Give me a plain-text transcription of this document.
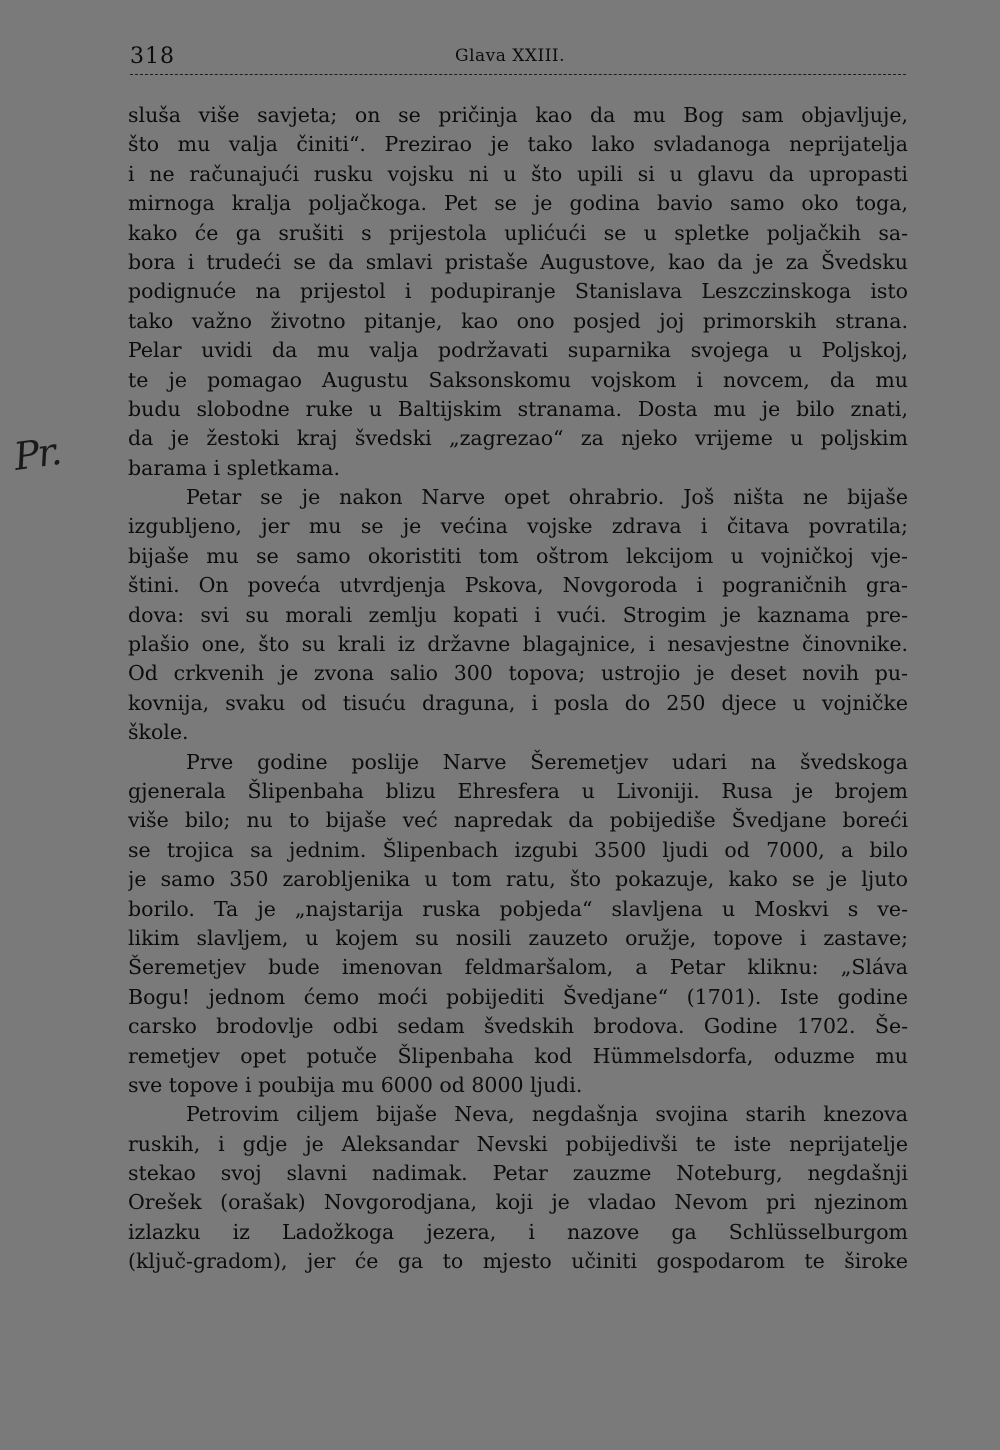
318	Glava XXIII.
Pr.
sluša više savjeta; on se pričinja kao da mu Bog sam objavljuje,
što mu valja činiti“. Prezirao je tako lako svladanoga neprijatelja
i ne računajući rusku vojsku ni u što upili si u glavu da upropasti
mirnoga kralja poljačkoga. Pet se je godina bavio samo oko toga,
kako će ga srušiti s prijestola uplićući se u spletke poljačkih sa-
bora i trudeći se da smlavi pristaše Augustove, kao da je za Švedsku
podignuće na prijestol i podupiranje Stanislava Leszczinskoga isto
tako važno životno pitanje, kao ono posjed joj primorskih strana.
Pelar uvidi da mu valja podržavati suparnika svojega u Poljskoj,
te je pomagao Augustu Saksonskomu vojskom i novcem, da mu
budu slobodne ruke u Baltijskim stranama. Dosta mu je bilo znati,
da je žestoki kraj švedski „zagrezao“ za njeko vrijeme u poljskim
barama i spletkama.
Petar se je nakon Narve opet ohrabrio. Još ništa ne bijaše
izgubljeno, jer mu se je većina vojske zdrava i čitava povratila;
bijaše mu se samo okoristiti tom oštrom lekcijom u vojničkoj vje-
štini. On poveća utvrdjenja Pskova, Novgoroda i pograničnih gra-
dova: svi su morali zemlju kopati i vući. Strogim je kaznama pre-
plašio one, što su krali iz državne blagajnice, i nesavjestne činovnike.
Od crkvenih je zvona salio 300 topova; ustrojio je deset novih pu-
kovnija, svaku od tisuću draguna, i posla do 250 djece u vojničke
škole.
Prve godine poslije Narve Šeremetjev udari na švedskoga
gjenerala Šlipenbaha blizu Ehresfera u Livoniji. Rusa je brojem
više bilo; nu to bijaše već napredak da pobijediše Švedjane boreći
se trojica sa jednim. Šlipenbach izgubi 3500 ljudi od 7000, a bilo
je samo 350 zarobljenika u tom ratu, što pokazuje, kako se je ljuto
borilo. Ta je „najstarija ruska pobjeda“ slavljena u Moskvi s ve-
likim slavljem, u kojem su nosili zauzeto oružje, topove i zastave;
Šeremetjev bude imenovan feldmaršalom, a Petar kliknu: „Sláva
Bogu! jednom ćemo moći pobijediti Švedjane“ (1701). Iste godine
carsko brodovlje odbi sedam švedskih brodova. Godine 1702. Še-
remetjev opet potuče Šlipenbaha kod Hümmelsdorfa, oduzme mu
sve topove i poubija mu 6000 od 8000 ljudi.
Petrovim ciljem bijaše Neva, negdašnja svojina starih knezova
ruskih, i gdje je Aleksandar Nevski pobijedivši te iste neprijatelje
stekao svoj slavni nadimak. Petar zauzme Noteburg, negdašnji
Orešek (orašak) Novgorodjana, koji je vladao Nevom pri njezinom
izlazku iz Ladožkoga jezera, i nazove ga Schlüsselburgom
(ključ-gradom), jer će ga to mjesto učiniti gospodarom te široke
